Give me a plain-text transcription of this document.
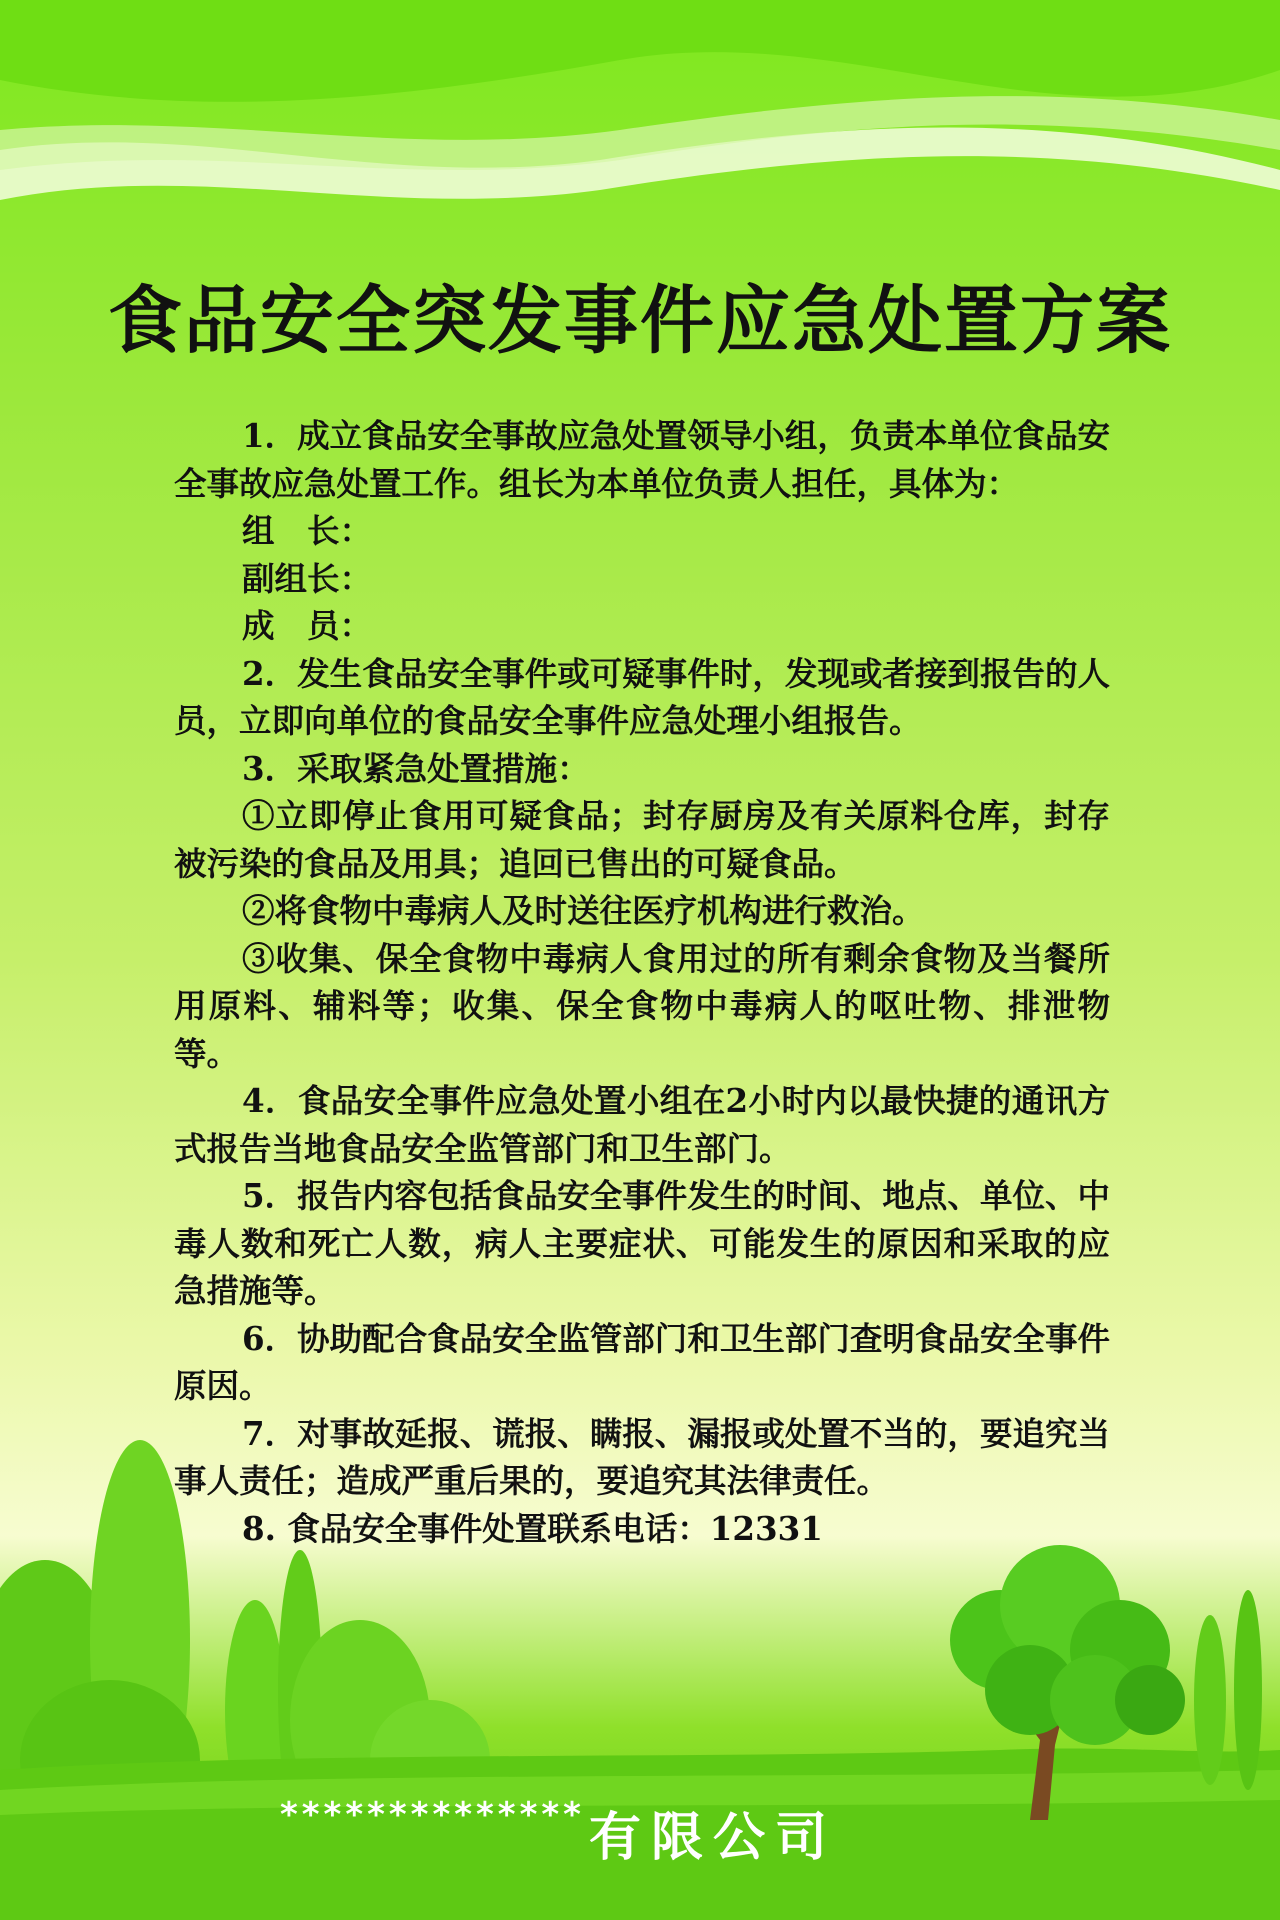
食品安全突发事件应急处置方案

1．成立食品安全事故应急处置领导小组，负责本单位食品安全事故应急处置工作。组长为本单位负责人担任，具体为：

组　长：

副组长：

成　员：

2．发生食品安全事件或可疑事件时，发现或者接到报告的人员，立即向单位的食品安全事件应急处理小组报告。

3．采取紧急处置措施：

①立即停止食用可疑食品；封存厨房及有关原料仓库，封存被污染的食品及用具；追回已售出的可疑食品。

②将食物中毒病人及时送往医疗机构进行救治。

③收集、保全食物中毒病人食用过的所有剩余食物及当餐所用原料、辅料等；收集、保全食物中毒病人的呕吐物、排泄物等。

4．食品安全事件应急处置小组在2小时内以最快捷的通讯方式报告当地食品安全监管部门和卫生部门。

5．报告内容包括食品安全事件发生的时间、地点、单位、中毒人数和死亡人数，病人主要症状、可能发生的原因和采取的应急措施等。

6．协助配合食品安全监管部门和卫生部门查明食品安全事件原因。

7．对事故延报、谎报、瞒报、漏报或处置不当的，要追究当事人责任；造成严重后果的，要追究其法律责任。

8. 食品安全事件处置联系电话：12331

**************有限公司
